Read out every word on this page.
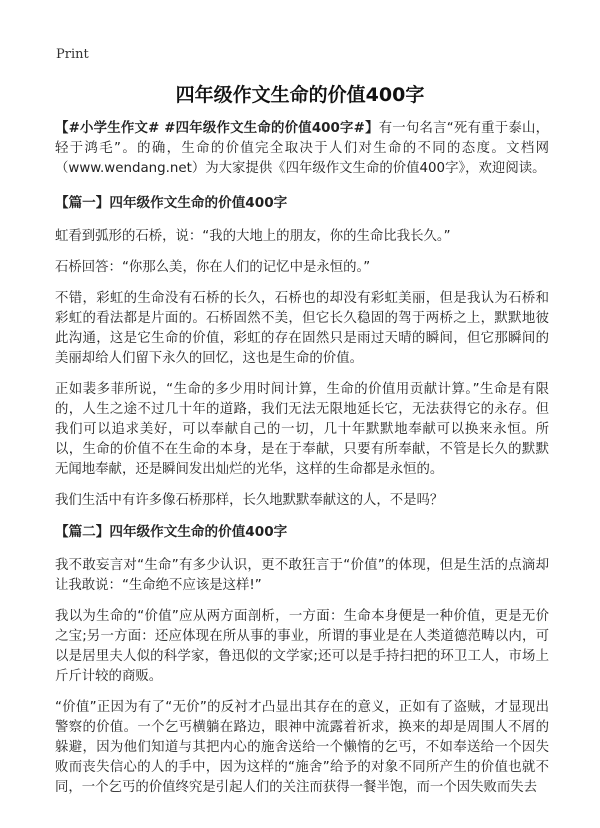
Print
四年级作文生命的价值400字

【#小学生作文# #四年级作文生命的价值400字#】有一句名言“死有重于泰山，轻于鸿毛”。的确，生命的价值完全取决于人们对生命的不同的态度。文档网（www.wendang.net）为大家提供《四年级作文生命的价值400字》，欢迎阅读。

【篇一】四年级作文生命的价值400字

虹看到弧形的石桥，说：“我的大地上的朋友，你的生命比我长久。”

石桥回答：“你那么美，你在人们的记忆中是永恒的。”

不错，彩虹的生命没有石桥的长久，石桥也的却没有彩虹美丽，但是我认为石桥和彩虹的看法都是片面的。石桥固然不美，但它长久稳固的驾于两桥之上，默默地彼此沟通，这是它生命的价值，彩虹的存在固然只是雨过天晴的瞬间，但它那瞬间的美丽却给人们留下永久的回忆，这也是生命的价值。

正如裴多菲所说，“生命的多少用时间计算，生命的价值用贡献计算。”生命是有限的，人生之途不过几十年的道路，我们无法无限地延长它，无法获得它的永存。但我们可以追求美好，可以奉献自己的一切，几十年默默地奉献可以换来永恒。所以，生命的价值不在生命的本身，是在于奉献，只要有所奉献，不管是长久的默默无闻地奉献，还是瞬间发出灿烂的光华，这样的生命都是永恒的。

我们生活中有许多像石桥那样，长久地默默奉献这的人，不是吗？

【篇二】四年级作文生命的价值400字

我不敢妄言对“生命”有多少认识，更不敢狂言于“价值”的体现，但是生活的点滴却让我敢说：“生命绝不应该是这样!”

我以为生命的“价值”应从两方面剖析，一方面：生命本身便是一种价值，更是无价之宝;另一方面：还应体现在所从事的事业，所谓的事业是在人类道德范畴以内，可以是居里夫人似的科学家，鲁迅似的文学家;还可以是手持扫把的环卫工人，市场上斤斤计较的商贩。

“价值”正因为有了“无价”的反衬才凸显出其存在的意义，正如有了盗贼，才显现出警察的价值。一个乞丐横躺在路边，眼神中流露着祈求，换来的却是周围人不屑的躲避，因为他们知道与其把内心的施舍送给一个懒惰的乞丐，不如奉送给一个因失败而丧失信心的人的手中，因为这样的“施舍”给予的对象不同所产生的价值也就不同，一个乞丐的价值终究是引起人们的关注而获得一餐半饱，而一个因失败而失去
